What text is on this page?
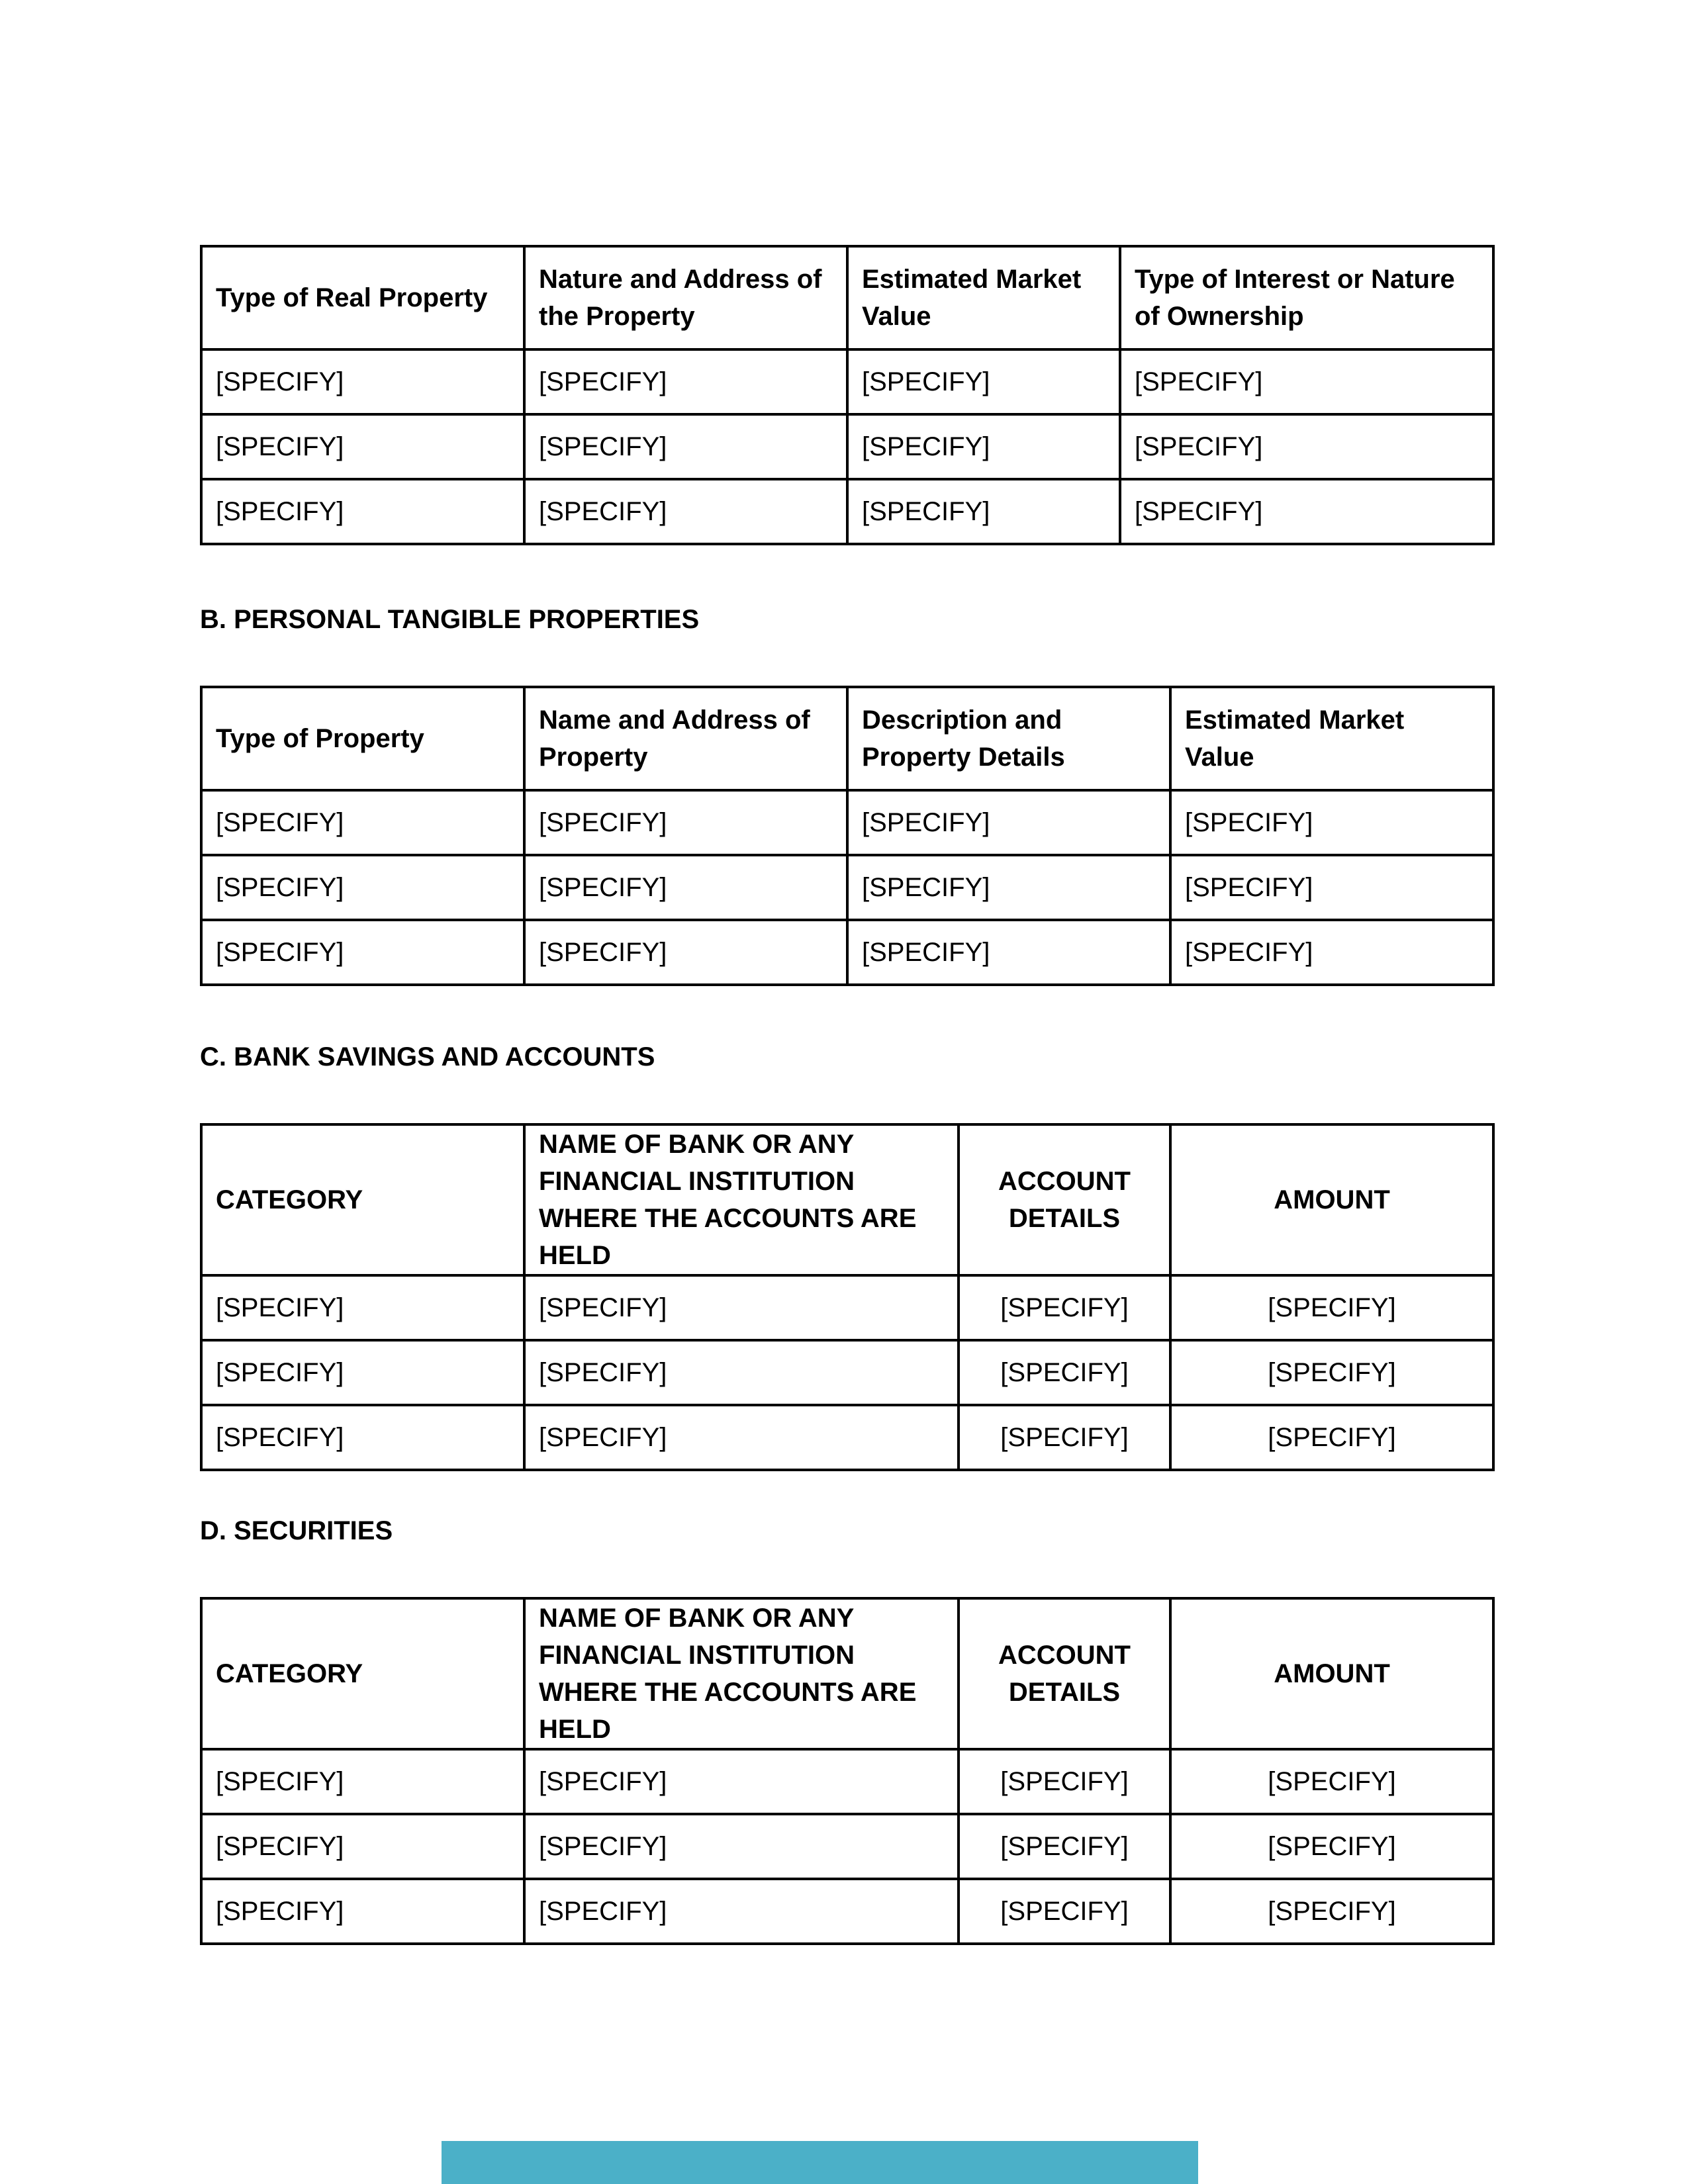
Type of Real Property	Nature and Address of the Property	Estimated Market Value	Type of Interest or Nature of Ownership
[SPECIFY]	[SPECIFY]	[SPECIFY]	[SPECIFY]
[SPECIFY]	[SPECIFY]	[SPECIFY]	[SPECIFY]
[SPECIFY]	[SPECIFY]	[SPECIFY]	[SPECIFY]
B. PERSONAL TANGIBLE PROPERTIES
Type of Property	Name and Address of Property	Description and Property Details	Estimated Market Value
[SPECIFY]	[SPECIFY]	[SPECIFY]	[SPECIFY]
[SPECIFY]	[SPECIFY]	[SPECIFY]	[SPECIFY]
[SPECIFY]	[SPECIFY]	[SPECIFY]	[SPECIFY]
C. BANK SAVINGS AND ACCOUNTS
CATEGORY	NAME OF BANK OR ANY FINANCIAL INSTITUTION WHERE THE ACCOUNTS ARE HELD	ACCOUNT DETAILS	AMOUNT
[SPECIFY]	[SPECIFY]	[SPECIFY]	[SPECIFY]
[SPECIFY]	[SPECIFY]	[SPECIFY]	[SPECIFY]
[SPECIFY]	[SPECIFY]	[SPECIFY]	[SPECIFY]
D. SECURITIES
CATEGORY	NAME OF BANK OR ANY FINANCIAL INSTITUTION WHERE THE ACCOUNTS ARE HELD	ACCOUNT DETAILS	AMOUNT
[SPECIFY]	[SPECIFY]	[SPECIFY]	[SPECIFY]
[SPECIFY]	[SPECIFY]	[SPECIFY]	[SPECIFY]
[SPECIFY]	[SPECIFY]	[SPECIFY]	[SPECIFY]
